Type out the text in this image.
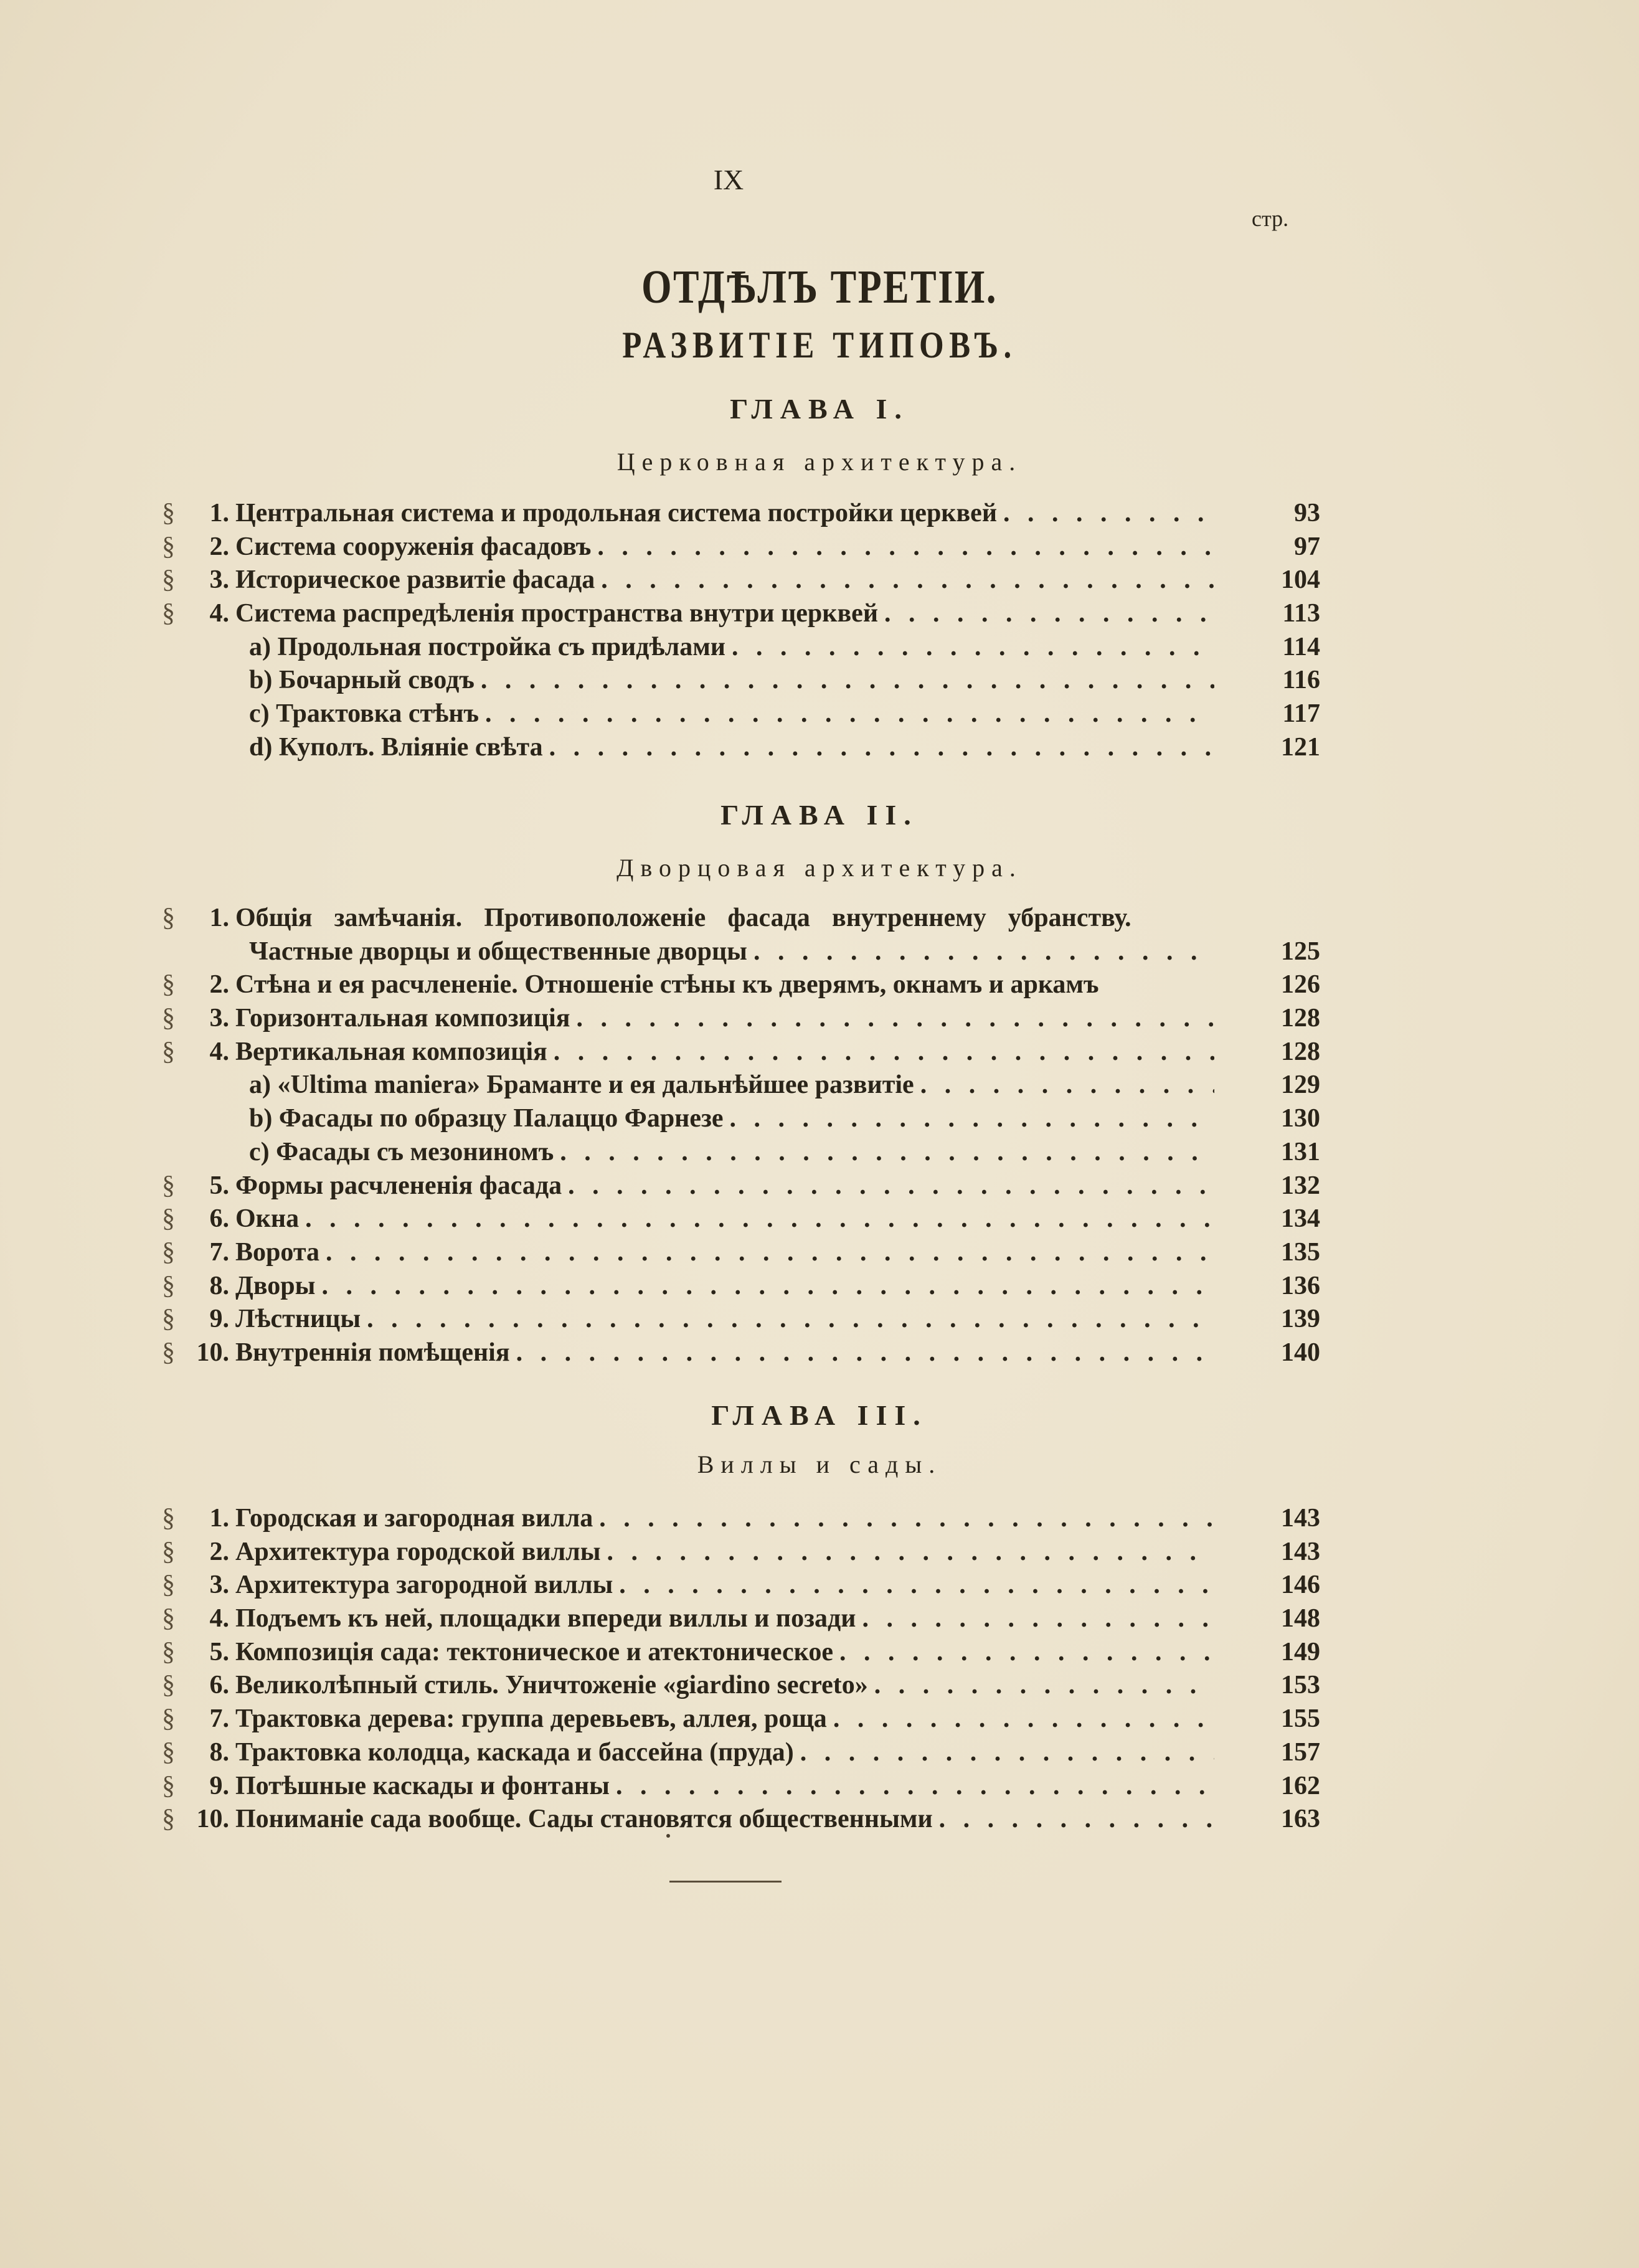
IX
стр.
ОТДѢЛЪ ТРЕТIИ.
РАЗВИТIЕ ТИПОВЪ.
ГЛАВА I.
Церковная архитектура.
§	1. Центральная система и продольная система постройки церквей . . .	93
§	2. Система сооруженія фасадовъ . . .	97
§	3. Историческое развитіе фасада . . .	104
§	4. Система распредѣленія пространства внутри церквей . . .	113
a) Продольная постройка съ придѣлами . . .	114
b) Бочарный сводъ . . .	116
c) Трактовка стѣнъ . . .	117
d) Куполъ. Вліяніе свѣта . . .	121
ГЛАВА II.
Дворцовая архитектура.
§	1. Общія замѣчанія. Противоположеніе фасада внутреннему убранству.
Частные дворцы и общественные дворцы . . .	125
§	2. Стѣна и ея расчлененіе. Отношеніе стѣны къ дверямъ, окнамъ и аркамъ	126
§	3. Горизонтальная композиція . . .	128
§	4. Вертикальная композиція . . .	128
a) «Ultima maniera» Браманте и ея дальнѣйшее развитіе . . .	129
b) Фасады по образцу Палаццо Фарнезе . . .	130
c) Фасады съ мезониномъ . . .	131
§	5. Формы расчлененія фасада . . .	132
§	6. Окна . . .	134
§	7. Ворота . . .	135
§	8. Дворы . . .	136
§	9. Лѣстницы . . .	139
§ 10. Внутреннія помѣщенія . . .	140
ГЛАВА III.
Виллы и сады.
§	1. Городская и загородная вилла . . .	143
§	2. Архитектура городской виллы . . .	143
§	3. Архитектура загородной виллы . . .	146
§	4. Подъемъ къ ней, площадки впереди виллы и позади . . .	148
§	5. Композиція сада: тектоническое и атектоническое . . .	149
§	6. Великолѣпный стиль. Уничтоженіе «giardino secreto» . . .	153
§	7. Трактовка дерева: группа деревьевъ, аллея, роща . . .	155
§	8. Трактовка колодца, каскада и бассейна (пруда) . . .	157
§	9. Потѣшные каскады и фонтаны . . .	162
§ 10. Пониманіе сада вообще. Сады становятся общественными . . .	163
